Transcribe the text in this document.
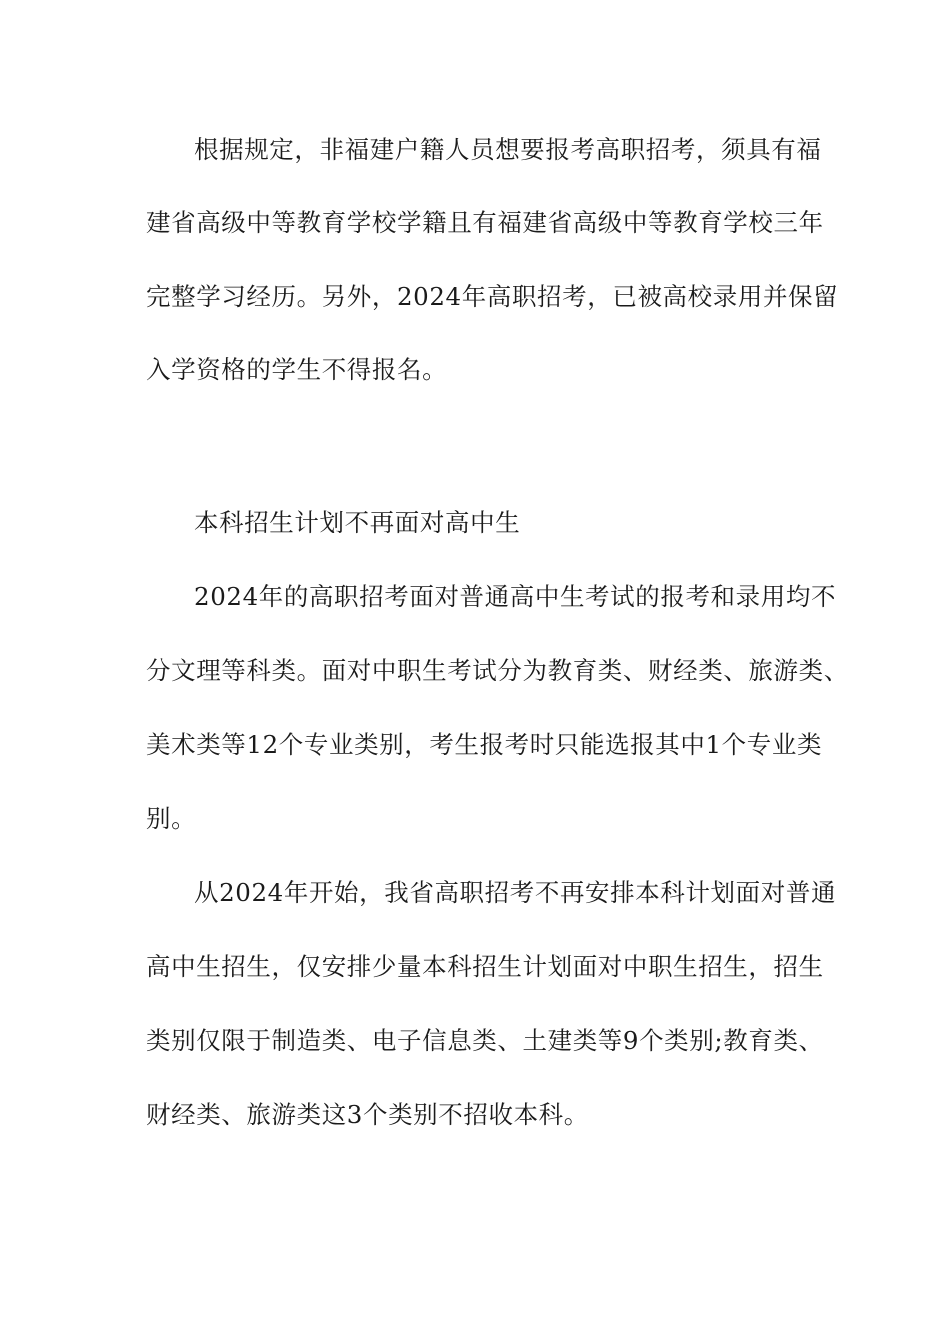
根据规定，非福建户籍人员想要报考高职招考，须具有福
建省高级中等教育学校学籍且有福建省高级中等教育学校三年
完整学习经历。另外，2024年高职招考，已被高校录用并保留
入学资格的学生不得报名。
本科招生计划不再面对高中生
2024年的高职招考面对普通高中生考试的报考和录用均不
分文理等科类。面对中职生考试分为教育类、财经类、旅游类、
美术类等12个专业类别，考生报考时只能选报其中1个专业类
别。
从2024年开始，我省高职招考不再安排本科计划面对普通
高中生招生，仅安排少量本科招生计划面对中职生招生，招生
类别仅限于制造类、电子信息类、土建类等9个类别;教育类、
财经类、旅游类这3个类别不招收本科。
